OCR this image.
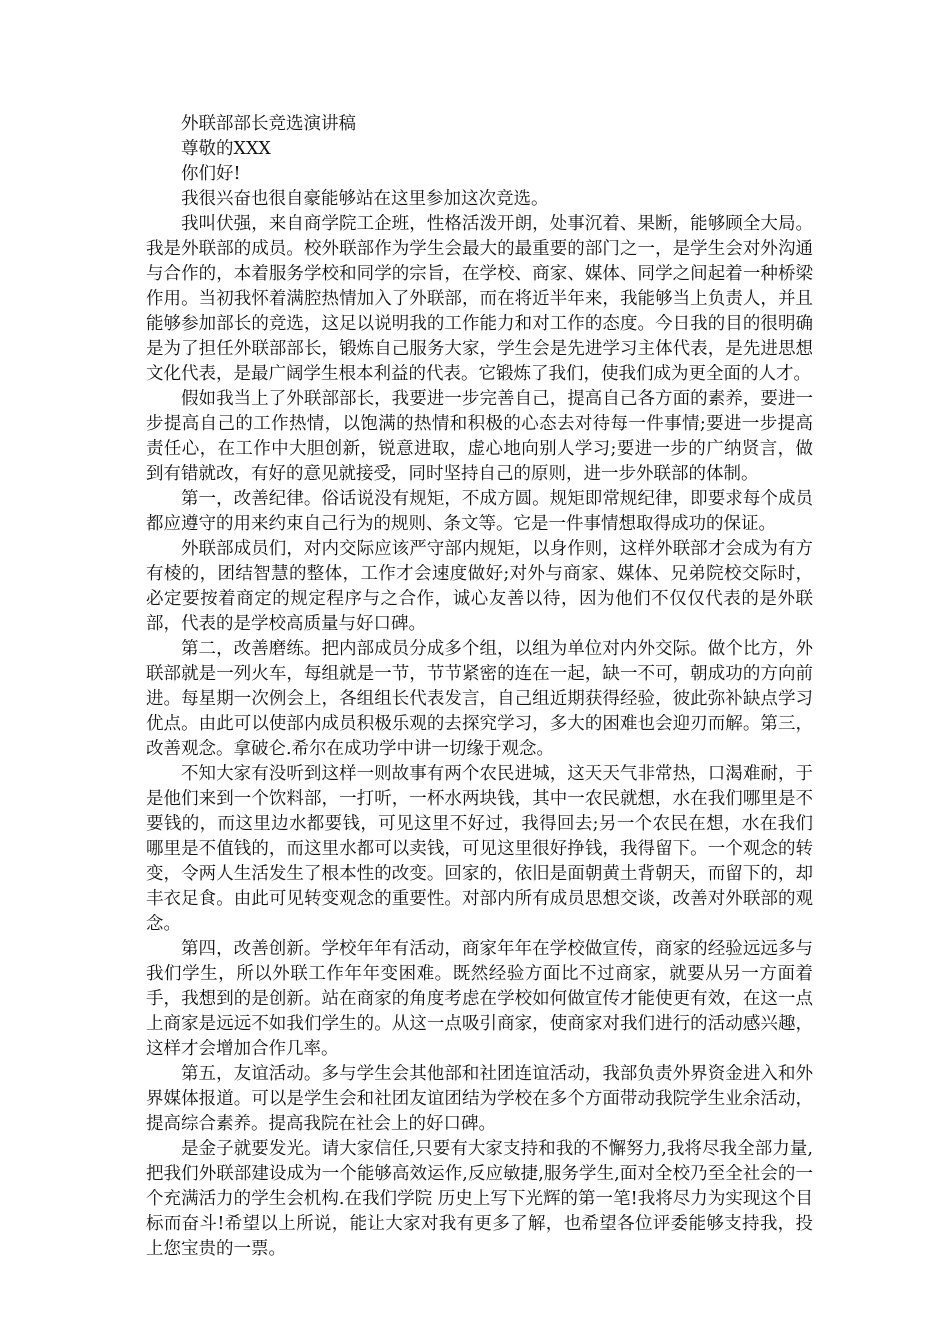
外联部部长竞选演讲稿

尊敬的XXX

你们好!

我很兴奋也很自豪能够站在这里参加这次竞选。

我叫伏强，来自商学院工企班，性格活泼开朗，处事沉着、果断，能够顾全大局。我是外联部的成员。校外联部作为学生会最大的最重要的部门之一，是学生会对外沟通与合作的，本着服务学校和同学的宗旨，在学校、商家、媒体、同学之间起着一种桥梁作用。当初我怀着满腔热情加入了外联部，而在将近半年来，我能够当上负责人，并且能够参加部长的竞选，这足以说明我的工作能力和对工作的态度。今日我的目的很明确是为了担任外联部部长，锻炼自己服务大家，学生会是先进学习主体代表，是先进思想文化代表，是最广阔学生根本利益的代表。它锻炼了我们，使我们成为更全面的人才。

假如我当上了外联部部长，我要进一步完善自己，提高自己各方面的素养，要进一步提高自己的工作热情，以饱满的热情和积极的心态去对待每一件事情;要进一步提高责任心，在工作中大胆创新，锐意进取，虚心地向别人学习;要进一步的广纳贤言，做到有错就改，有好的意见就接受，同时坚持自己的原则，进一步外联部的体制。

第一，改善纪律。俗话说没有规矩，不成方圆。规矩即常规纪律，即要求每个成员都应遵守的用来约束自己行为的规则、条文等。它是一件事情想取得成功的保证。

外联部成员们，对内交际应该严守部内规矩，以身作则，这样外联部才会成为有方有棱的，团结智慧的整体，工作才会速度做好;对外与商家、媒体、兄弟院校交际时，必定要按着商定的规定程序与之合作，诚心友善以待，因为他们不仅仅代表的是外联部，代表的是学校高质量与好口碑。

第二，改善磨练。把内部成员分成多个组，以组为单位对内外交际。做个比方，外联部就是一列火车，每组就是一节，节节紧密的连在一起，缺一不可，朝成功的方向前进。每星期一次例会上，各组组长代表发言，自己组近期获得经验，彼此弥补缺点学习优点。由此可以使部内成员积极乐观的去探究学习，多大的困难也会迎刃而解。第三，改善观念。拿破仑.希尔在成功学中讲一切缘于观念。

不知大家有没听到这样一则故事有两个农民进城，这天天气非常热，口渴难耐，于是他们来到一个饮料部，一打听，一杯水两块钱，其中一农民就想，水在我们哪里是不要钱的，而这里边水都要钱，可见这里不好过，我得回去;另一个农民在想，水在我们哪里是不值钱的，而这里水都可以卖钱，可见这里很好挣钱，我得留下。一个观念的转变，令两人生活发生了根本性的改变。回家的，依旧是面朝黄土背朝天，而留下的，却丰衣足食。由此可见转变观念的重要性。对部内所有成员思想交谈，改善对外联部的观念。

第四，改善创新。学校年年有活动，商家年年在学校做宣传，商家的经验远远多与我们学生，所以外联工作年年变困难。既然经验方面比不过商家，就要从另一方面着手，我想到的是创新。站在商家的角度考虑在学校如何做宣传才能使更有效，在这一点上商家是远远不如我们学生的。从这一点吸引商家，使商家对我们进行的活动感兴趣，这样才会增加合作几率。

第五，友谊活动。多与学生会其他部和社团连谊活动，我部负责外界资金进入和外界媒体报道。可以是学生会和社团友谊团结为学校在多个方面带动我院学生业余活动，提高综合素养。提高我院在社会上的好口碑。

是金子就要发光。请大家信任,只要有大家支持和我的不懈努力,我将尽我全部力量,把我们外联部建设成为一个能够高效运作,反应敏捷,服务学生,面对全校乃至全社会的一个充满活力的学生会机构.在我们学院 历史上写下光辉的第一笔!我将尽力为实现这个目标而奋斗!希望以上所说，能让大家对我有更多了解，也希望各位评委能够支持我，投上您宝贵的一票。
